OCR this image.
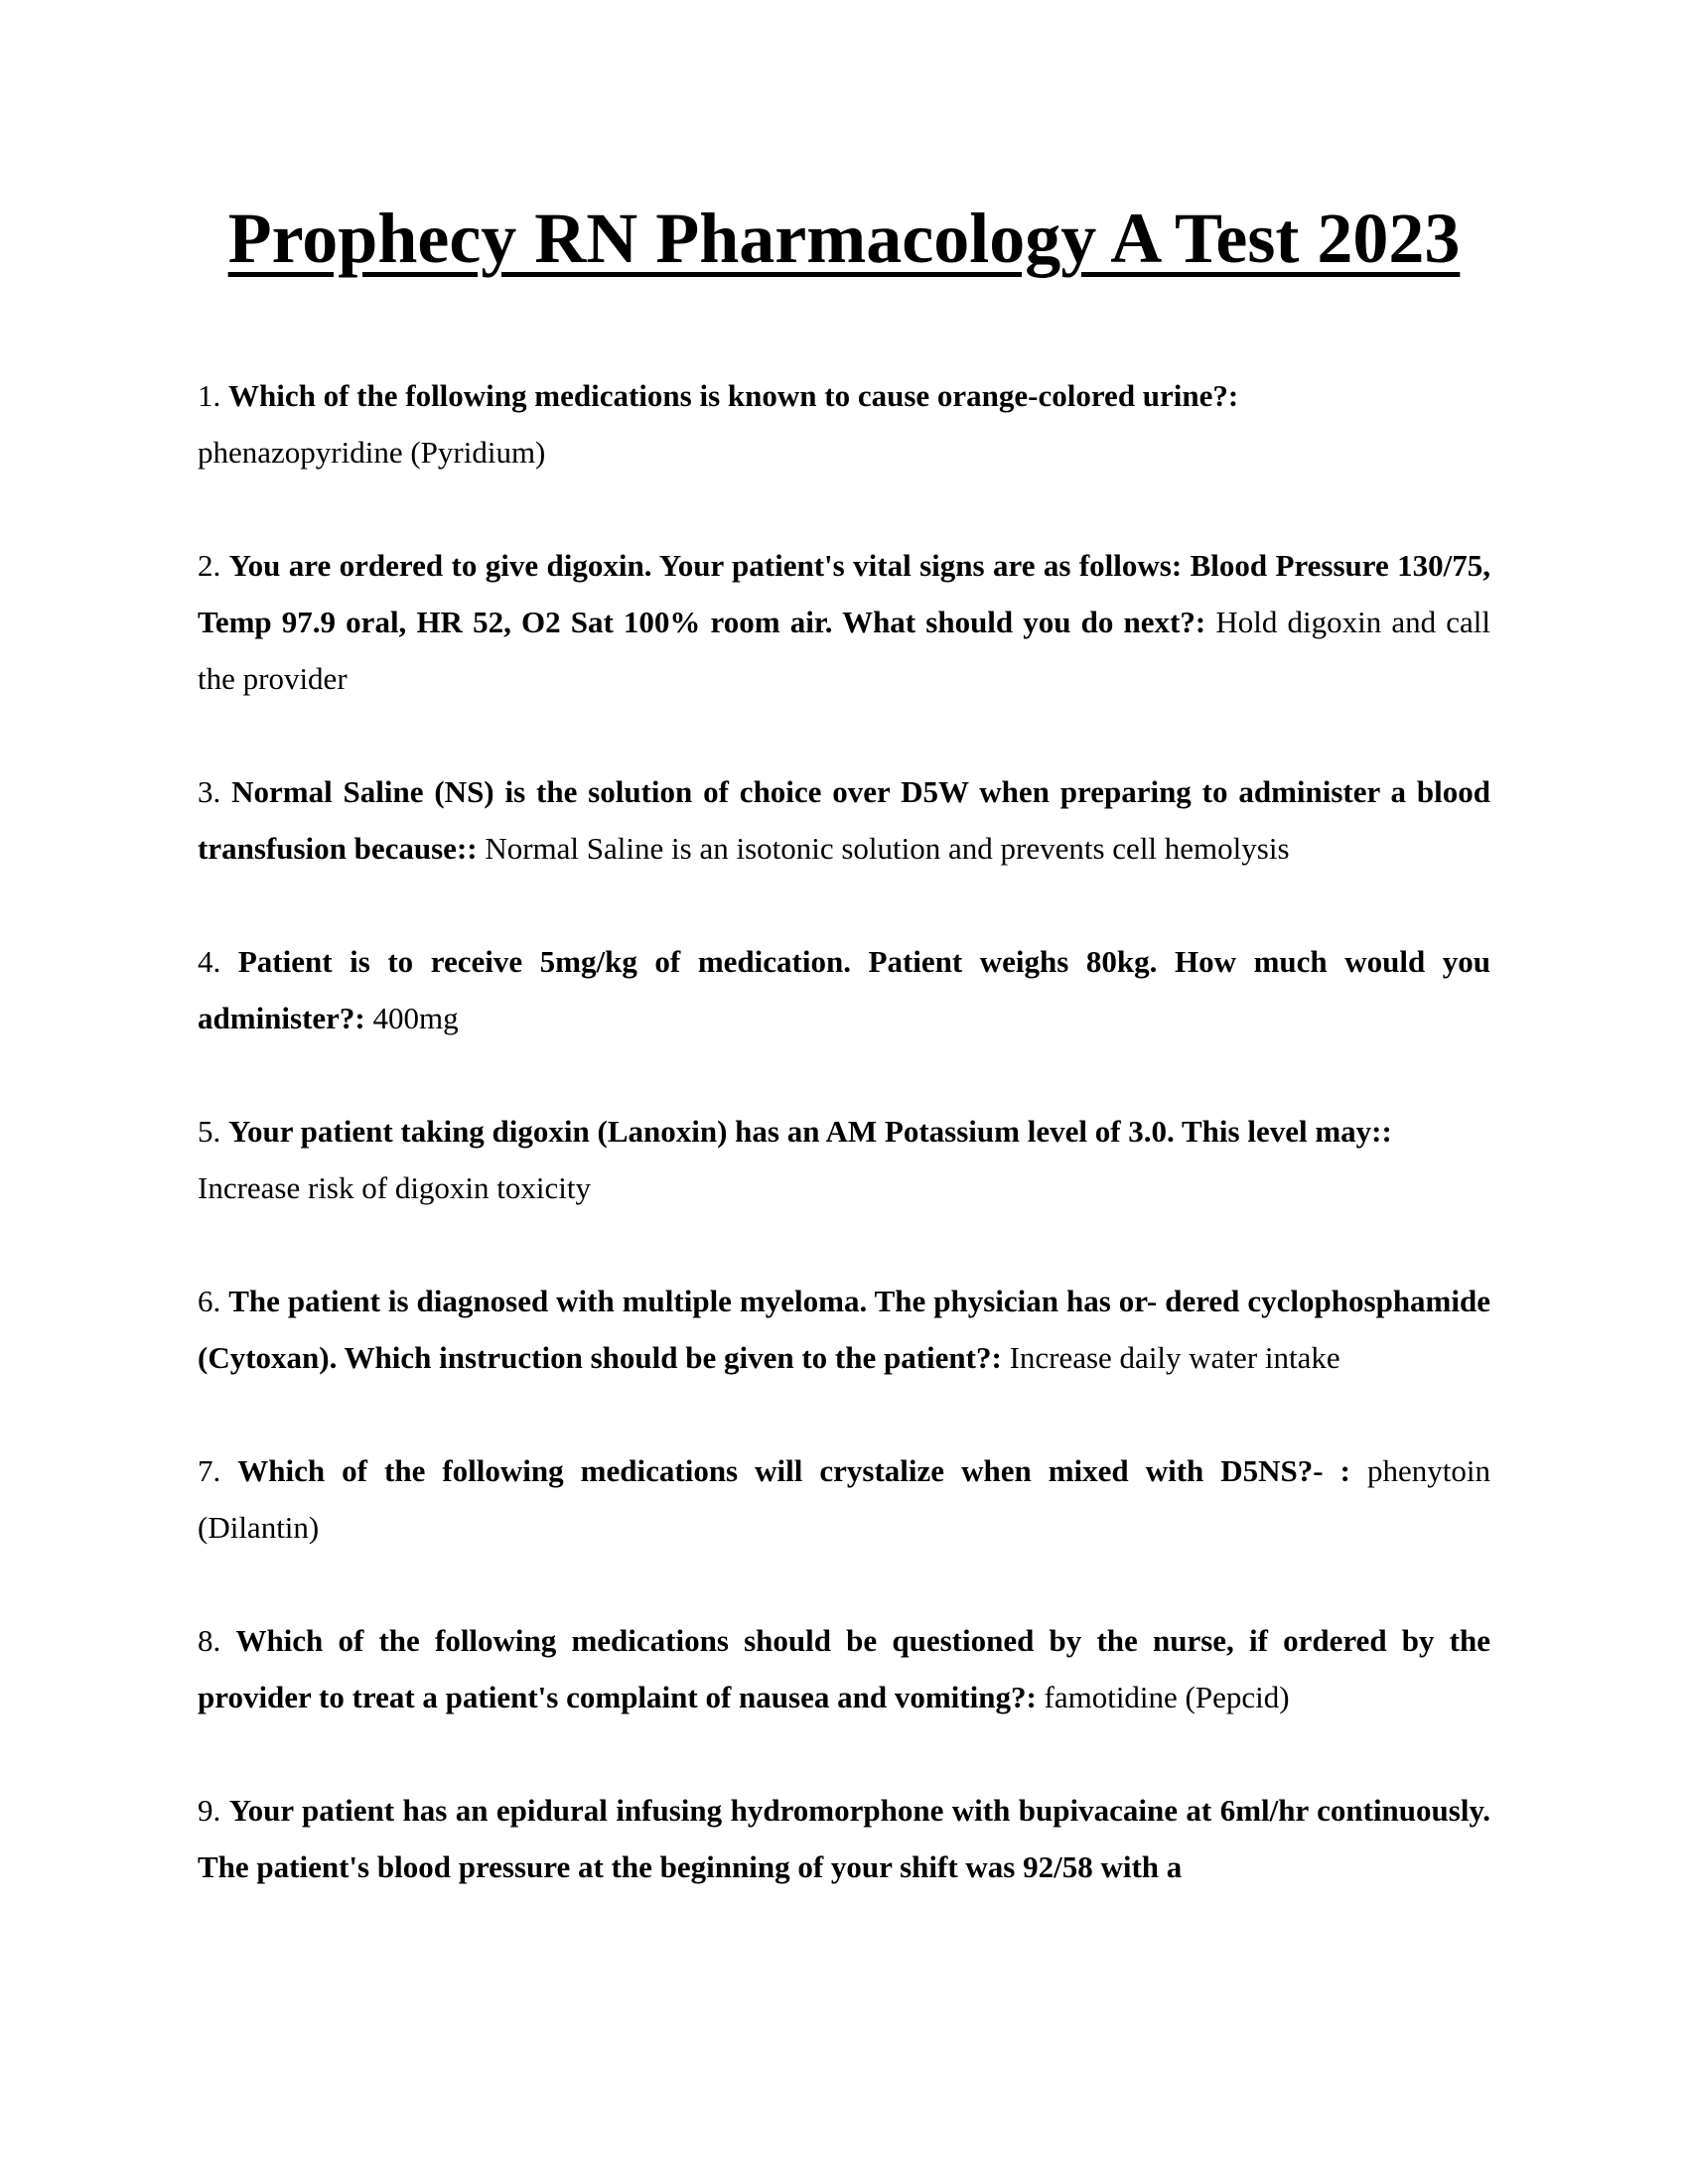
Prophecy RN Pharmacology A Test 2023
1. Which of the following medications is known to cause orange-colored urine?:
phenazopyridine (Pyridium)
2. You are ordered to give digoxin. Your patient's vital signs are as follows: Blood Pressure 130/75, Temp 97.9 oral, HR 52, O2 Sat 100% room air. What should you do next?: Hold digoxin and call the provider
3. Normal Saline (NS) is the solution of choice over D5W when preparing to administer a blood transfusion because:: Normal Saline is an isotonic solution and prevents cell hemolysis
4. Patient is to receive 5mg/kg of medication. Patient weighs 80kg. How much would you administer?: 400mg
5. Your patient taking digoxin (Lanoxin) has an AM Potassium level of 3.0. This level may::
Increase risk of digoxin toxicity
6. The patient is diagnosed with multiple myeloma. The physician has or- dered cyclophosphamide (Cytoxan). Which instruction should be given to the patient?: Increase daily water intake
7. Which of the following medications will crystalize when mixed with D5NS?- : phenytoin (Dilantin)
8. Which of the following medications should be questioned by the nurse, if ordered by the provider to treat a patient's complaint of nausea and vomiting?: famotidine (Pepcid)
9. Your patient has an epidural infusing hydromorphone with bupivacaine at 6ml/hr continuously. The patient's blood pressure at the beginning of your shift was 92/58 with a
